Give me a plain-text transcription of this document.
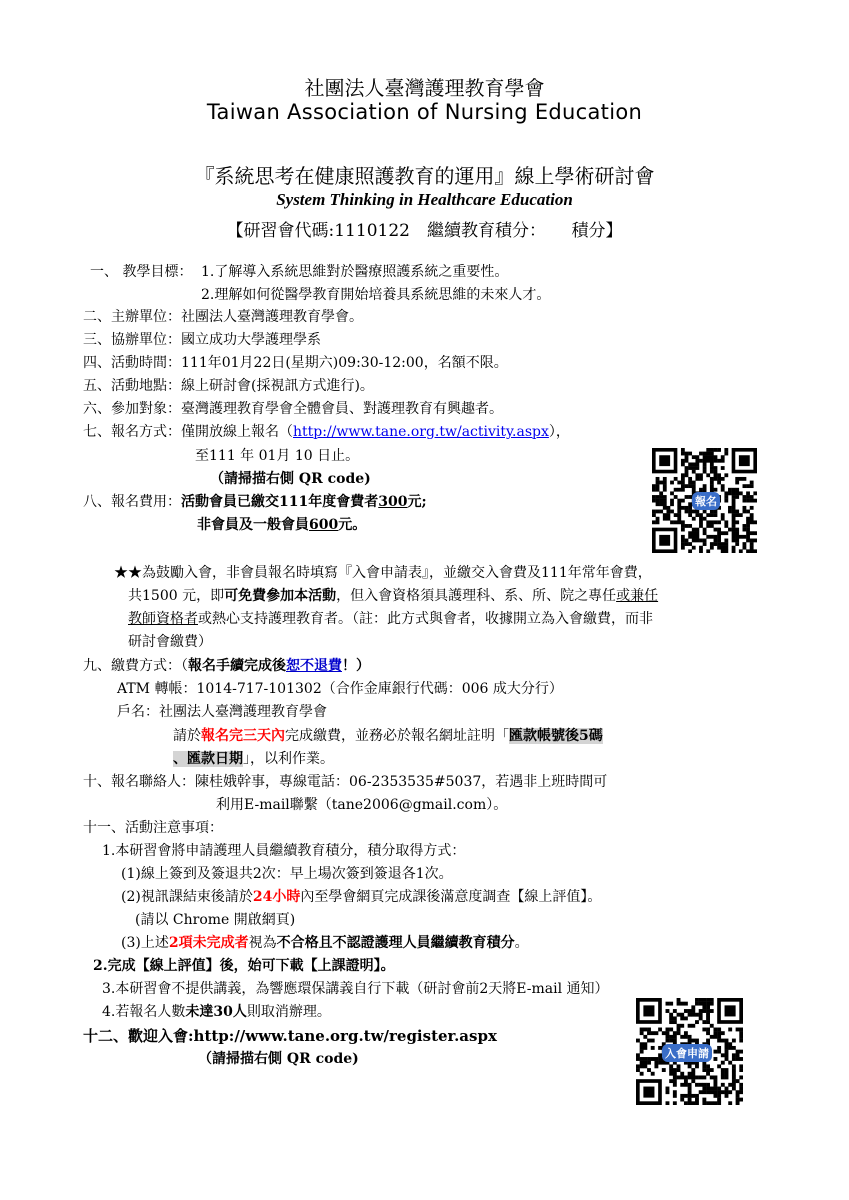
社團法人臺灣護理教育學會
Taiwan Association of Nursing Education
『系統思考在健康照護教育的運用』線上學術研討會
System Thinking in Healthcare Education
【研習會代碼:1110122　繼續教育積分：　　積分】
一、 教學目標： 1.了解導入系統思維對於醫療照護系統之重要性。
2.理解如何從醫學教育開始培養具系統思維的未來人才。
二、主辦單位：社團法人臺灣護理教育學會。
三、協辦單位：國立成功大學護理學系
四、活動時間：111年01月22日(星期六)09:30-12:00，名額不限。
五、活動地點：線上研討會(採視訊方式進行)。
六、參加對象：臺灣護理教育學會全體會員、對護理教育有興趣者。
七、報名方式：僅開放線上報名（http://www.tane.org.tw/activity.aspx），
至111 年 01月 10 日止。
（請掃描右側 QR code)
八、報名費用：活動會員已繳交111年度會費者300元;
非會員及一般會員600元。
★★為鼓勵入會，非會員報名時填寫『入會申請表』，並繳交入會費及111年常年會費，
共1500 元，即可免費參加本活動，但入會資格須具護理科、系、所、院之專任或兼任
教師資格者或熱心支持護理教育者。（註：此方式與會者，收據開立為入會繳費，而非
研討會繳費）
九、繳費方式：（報名手續完成後恕不退費！）
ATM 轉帳：1014-717-101302（合作金庫銀行代碼：006 成大分行）
戶名：社團法人臺灣護理教育學會
請於報名完三天內完成繳費，並務必於報名網址註明「匯款帳號後5碼
、匯款日期」，以利作業。
十、報名聯絡人：陳桂娥幹事，專線電話：06-2353535#5037，若遇非上班時間可
利用E-mail聯繫（tane2006@gmail.com）。
十一、活動注意事項：
1.本研習會將申請護理人員繼續教育積分，積分取得方式：
(1)線上簽到及簽退共2次：早上場次簽到簽退各1次。
(2)視訊課結束後請於24小時內至學會網頁完成課後滿意度調查【線上評值】。
(請以 Chrome 開啟網頁)
(3)上述2項未完成者視為不合格且不認證護理人員繼續教育積分。
2.完成【線上評值】後，始可下載【上課證明】。
3.本研習會不提供講義，為響應環保講義自行下載（研討會前2天將E-mail 通知）
4.若報名人數未達30人則取消辦理。
十二、歡迎入會:http://www.tane.org.tw/register.aspx
（請掃描右側 QR code)
報名
入會申請
